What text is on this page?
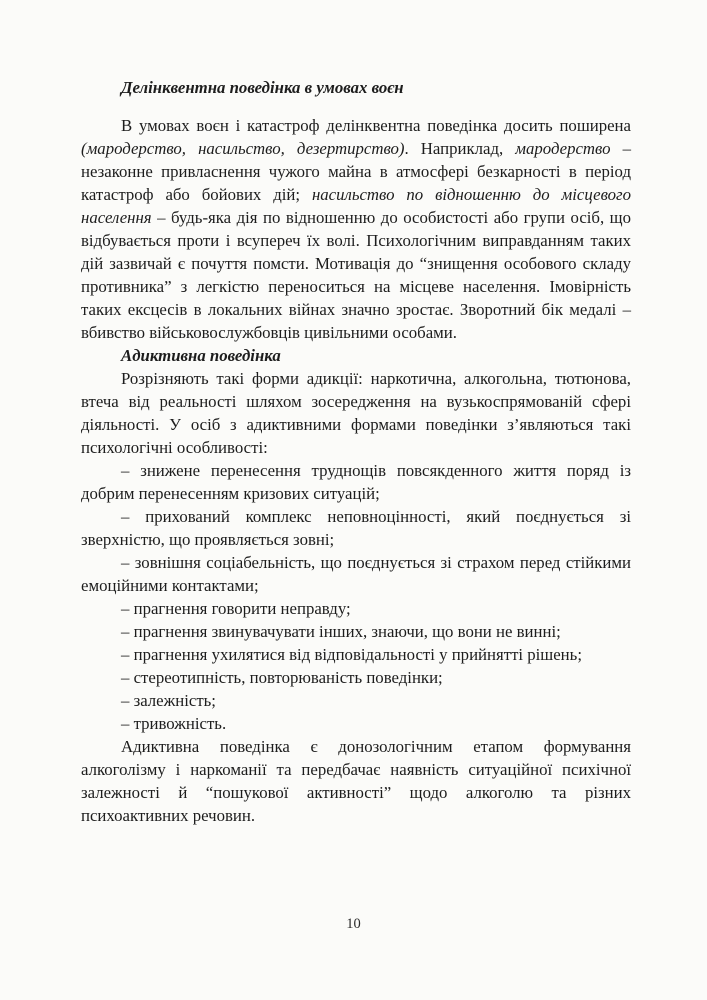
Делінквентна поведінка в умовах воєн

В умовах воєн і катастроф делінквентна поведінка досить поширена (мародерство, насильство, дезертирство). Наприклад, мародерство – незаконне привласнення чужого майна в атмосфері безкарності в період катастроф або бойових дій; насильство по відношенню до місцевого населення – будь-яка дія по відношенню до особистості або групи осіб, що відбувається проти і всупереч їх волі. Психологічним виправданням таких дій зазвичай є почуття помсти. Мотивація до “знищення особового складу противника” з легкістю переноситься на місцеве населення. Імовірність таких ексцесів в локальних війнах значно зростає. Зворотний бік медалі – вбивство військовослужбовців цивільними особами.

Адиктивна поведінка

Розрізняють такі форми адикції: наркотична, алкогольна, тютюнова, втеча від реальності шляхом зосередження на вузькоспрямованій сфері діяльності. У осіб з адиктивними формами поведінки з’являються такі психологічні особливості:

– знижене перенесення труднощів повсякденного життя поряд із добрим перенесенням кризових ситуацій;

– прихований комплекс неповноцінності, який поєднується зі зверхністю, що проявляється зовні;

– зовнішня соціабельність, що поєднується зі страхом перед стійкими емоційними контактами;

– прагнення говорити неправду;

– прагнення звинувачувати інших, знаючи, що вони не винні;

– прагнення ухилятися від відповідальності у прийнятті рішень;

– стереотипність, повторюваність поведінки;

– залежність;

– тривожність.

Адиктивна поведінка є донозологічним етапом формування алкоголізму і наркоманії та передбачає наявність ситуаційної психічної залежності й “пошукової активності” щодо алкоголю та різних психоактивних речовин.

10
